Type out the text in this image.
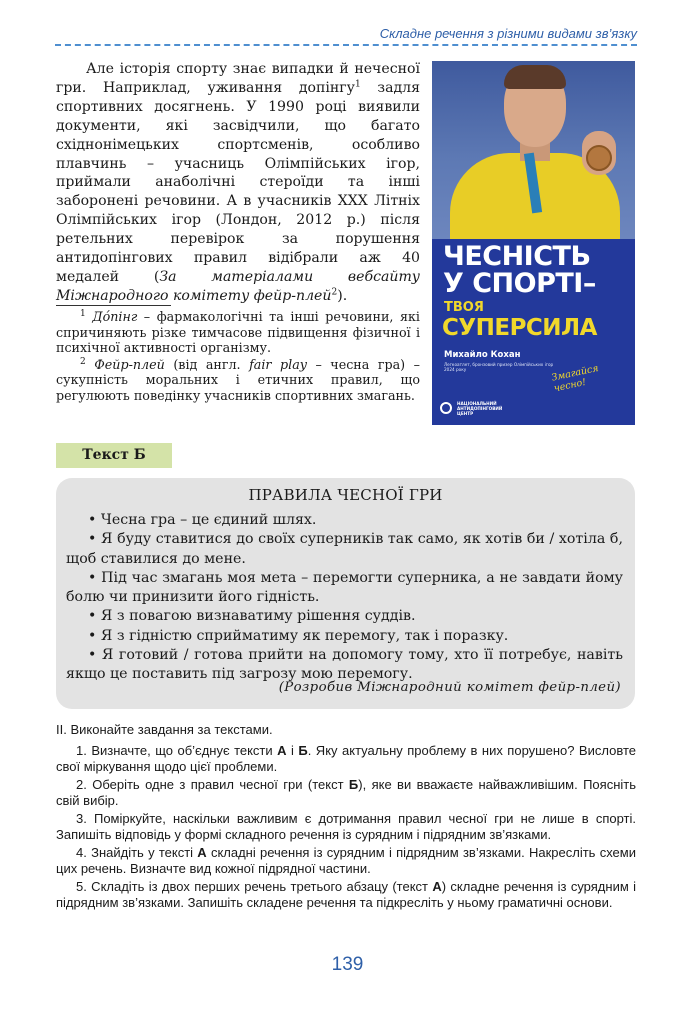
Складне речення з різними видами зв’язку

Але історія спорту знає випадки й нечесної гри. Наприклад, уживання допінгу$^1$ задля спортивних досягнень. У 1990 році виявили документи, які засвідчили, що багато східнонімецьких спортсменів, особливо плавчинь – учасниць Олімпійських ігор, приймали анаболічні стероїди та інші заборонені речовини. А в учасників XXX Літніх Олімпійських ігор (Лондон, 2012 р.) після ретельних перевірок за порушення антидопінгових правил відібрали аж 40 медалей (За матеріалами вебсайту Міжнародного комітету фейр-плей$^2$).

$^1$ Дóпінг – фармакологічні та інші речовини, які спричиняють різке тимчасове підвищення фізичної і психічної активності організму.

$^2$ Фейр-плей (від англ. fair play – чесна гра) – сукупність моральних і етичних правил, що регулюють поведінку учасників спортивних змагань.

ЧЕСНІСТЬ
У СПОРТІ–
ТВОЯ
СУПЕРСИЛА
Михайло Кохан
Легкоатлет, бронзовий призер Олімпійських ігор 2024 року	Змагайся чесно!
НАЦІОНАЛЬНИЙ АНТИДОПІНГОВИЙ ЦЕНТР
Текст Б
ПРАВИЛА ЧЕСНОЇ ГРИ
• Чесна гра – це єдиний шлях.
• Я буду ставитися до своїх суперників так само, як хотів би / хотіла б, щоб ставилися до мене.
• Під час змагань моя мета – перемогти суперника, а не завдати йому болю чи принизити його гідність.
• Я з повагою визнаватиму рішення суддів.
• Я з гідністю сприйматиму як перемогу, так і поразку.
• Я готовий / готова прийти на допомогу тому, хто її потребує, навіть якщо це поставить під загрозу мою перемогу.
(Розробив Міжнародний комітет фейр-плей)

ІІ. Виконайте завдання за текстами.

1. Визначте, що об’єднує тексти А і Б. Яку актуальну проблему в них порушено? Висловте свої міркування щодо цієї проблеми.

2. Оберіть одне з правил чесної гри (текст Б), яке ви вважаєте найважливішим. Поясніть свій вибір.

3. Поміркуйте, наскільки важливим є дотримання правил чесної гри не лише в спорті. Запишіть відповідь у формі складного речення із сурядним і підрядним зв’язками.

4. Знайдіть у тексті А складні речення із сурядним і підрядним зв’язками. Накресліть схеми цих речень. Визначте вид кожної підрядної частини.

5. Складіть із двох перших речень третього абзацу (текст А) складне речення із сурядним і підрядним зв’язками. Запишіть складене речення та підкресліть у ньому граматичні основи.

139
